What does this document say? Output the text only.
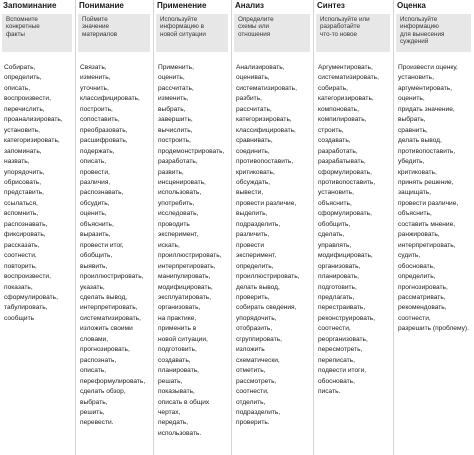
Запоминание
Вспомните
конкретные
факты
Собирать,
определить,
описать,
воспроизвести,
перечислить,
проанализировать,
установить,
категоризировать,
запоминать,
назвать,
упорядочить,
обрисовать,
представить,
ссылаться,
вспомнить,
распознавать,
фиксировать,
рассказать,
соотнести,
повторить,
воспроизвести,
показать,
сформулировать,
табулировать,
сообщить
Понимание
Поймите
значение
материалов
Связать,
изменить,
уточнить,
классифицировать,
построить,
сопоставить,
преобразовать,
расшифровать,
подержать,
описать,
провести,
различия,
распознавать,
обсудить,
оценить,
объяснить,
выразить,
провести итог,
обобщить,
выявить,
проиллюстрировать,
указать,
сделать вывод,
интерпретировать,
систематизировать,
изложить своими
словами,
прогнозировать,
распознать,
описать,
переформулировать,
сделать обзор,
выбрать,
решить,
перевести.
Применение
Используйте
информацию в
новой ситуации
Применить,
оценить,
рассчитать,
изменить,
выбрать,
завершить,
вычислить,
построить,
продемонстрировать,
разработать,
развить,
инсценировать,
использовать,
употребить,
исследовать,
проводить
эксперимент,
искать,
проиллюстрировать,
интерпретировать,
манипулировать,
модифицировать,
эксплуатировать,
организовать,
на практике,
применить в
новой ситуации,
подготовить,
создавать,
планировать,
решать,
показывать,
описать в общих
чертах,
передать,
использовать.
Анализ
Определите
схемы или
отношения
Анализировать,
оценивать,
систематизировать,
разбить,
рассчитать,
категоризировать,
классифицировать,
сравнивать,
соединить,
противопоставить,
критиковать,
обсуждать,
вывести,
провести различие,
выделить,
подразделить,
различить,
провести
эксперимент,
определить,
проиллюстрировать,
делать вывод,
проверить,
собирать сведения,
упорядочить,
отобразить,
сгруппировать,
изложить
схематически,
отметить,
рассмотреть,
соотнести,
отделить,
подразделить,
проверить.
Синтез
Используйте или
разработайте
что-то новое
Аргументировать,
систематизировать,
собирать,
категоризировать,
компоновать,
компилировать,
строить,
создавать,
разработать,
разрабатывать,
сформулировать,
противопоставить,
установить,
объяснить,
сформулировать,
обобщить,
сделать,
управлять,
модифицировать,
организовать,
планировать,
подготовить,
предлагать,
перестраивать,
реконструировать,
соотнести,
реорганизовать,
пересмотреть,
переписать,
подвести итоги,
обосновать,
писать.
Оценка
Используйте
информацию
для вынесения
суждений
Произвести оценку,
установить,
аргументировать,
оценить,
придать значение,
выбрать,
сравнить,
делать вывод,
противопоставить,
убедить,
критиковать,
принять решение,
защищать,
провести различие,
объяснить,
составить мнение,
ранжировать,
интерпретировать,
судить,
обосновать,
определить,
прогнозировать,
рассматривать,
рекомендовать,
соотнести,
разрешить (проблему).
